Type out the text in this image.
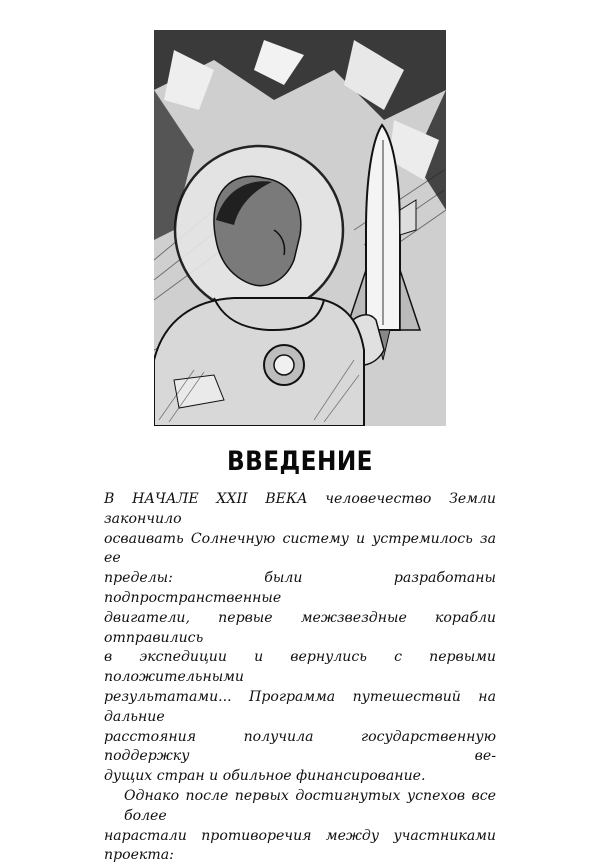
ВВЕДЕНИЕ

В НАЧАЛЕ XXII ВЕКА человечество Земли закончило
осваивать Солнечную систему и устремилось за ее
пределы: были разработаны подпространственные
двигатели, первые межзвездные корабли отправились
в экспедиции и вернулись с первыми положительными
результатами... Программа путешествий на дальние
расстояния получила государственную поддержку ве-
дущих стран и обильное финансирование.

Однако после первых достигнутых успехов все более
нарастали противоречия между участниками проекта:
